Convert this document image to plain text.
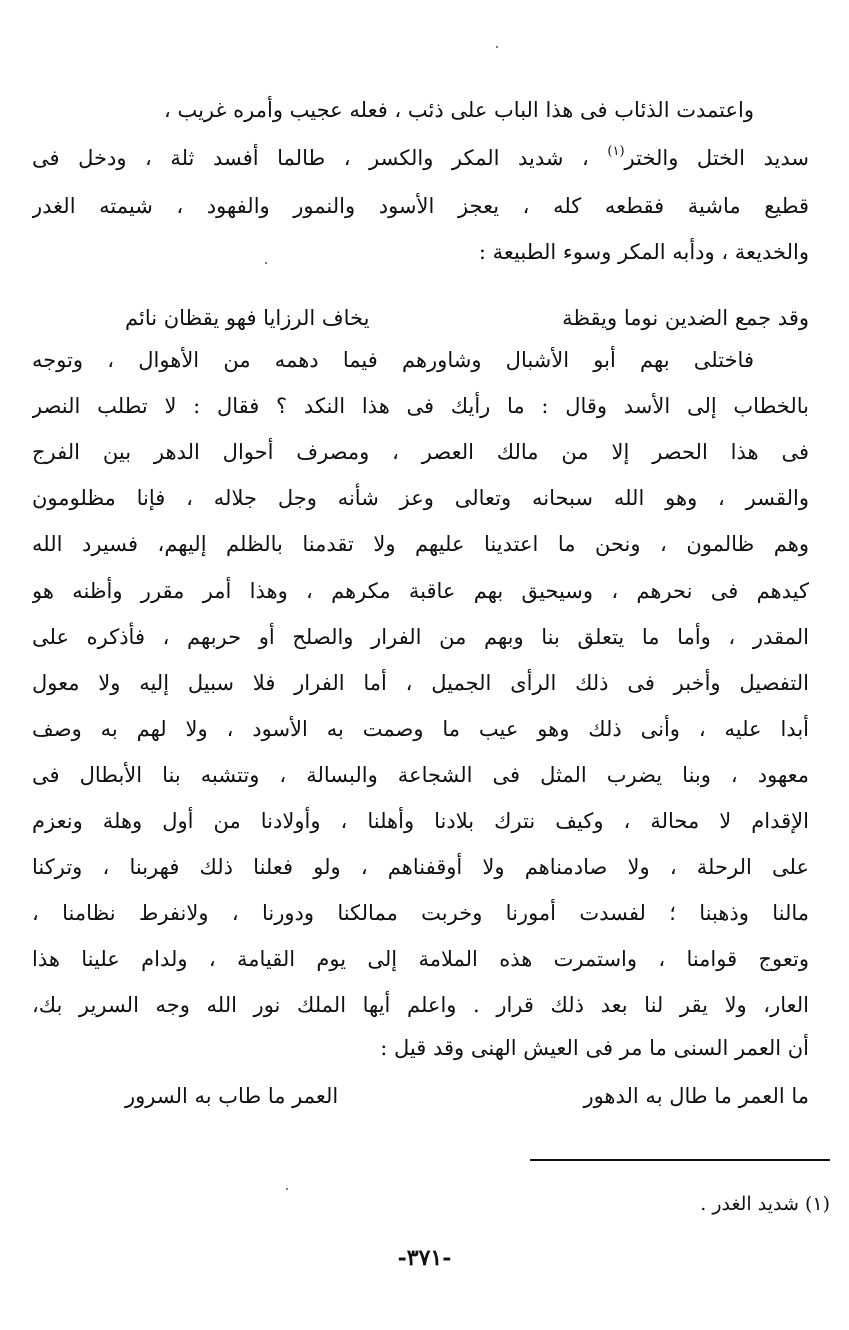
واعتمدت الذئاب فى هذا الباب على ذئب ، فعله عجيب وأمره غريب ،
سديد الختل والختر$^{(١)}$ ، شديد المكر والكسر ، طالما أفسد ثلة ، ودخل فى
قطيع ماشية فقطعه كله ، يعجز الأسود والنمور والفهود ، شيمته الغدر
والخديعة ، ودأبه المكر وسوء الطبيعة :
وقد جمع الضدين نوما ويقظة
يخاف الرزايا فهو يقظان نائم
فاختلى بهم أبو الأشبال وشاورهم فيما دهمه من الأهوال ، وتوجه
بالخطاب إلى الأسد وقال : ما رأيك فى هذا النكد ؟ فقال : لا تطلب النصر
فى هذا الحصر إلا من مالك العصر ، ومصرف أحوال الدهر بين الفرج
والقسر ، وهو الله سبحانه وتعالى وعز شأنه وجل جلاله ، فإنا مظلومون
وهم ظالمون ، ونحن ما اعتدينا عليهم ولا تقدمنا بالظلم إليهم، فسيرد الله
كيدهم فى نحرهم ، وسيحيق بهم عاقبة مكرهم ، وهذا أمر مقرر وأظنه هو
المقدر ، وأما ما يتعلق بنا وبهم من الفرار والصلح أو حربهم ، فأذكره على
التفصيل وأخبر فى ذلك الرأى الجميل ، أما الفرار فلا سبيل إليه ولا معول
أبدا عليه ، وأنى ذلك وهو عيب ما وصمت به الأسود ، ولا لهم به وصف
معهود ، وبنا يضرب المثل فى الشجاعة والبسالة ، وتتشبه بنا الأبطال فى
الإقدام لا محالة ، وكيف نترك بلادنا وأهلنا ، وأولادنا من أول وهلة ونعزم
على الرحلة ، ولا صادمناهم ولا أوقفناهم ، ولو فعلنا ذلك فهربنا ، وتركنا
مالنا وذهبنا ؛ لفسدت أمورنا وخربت ممالكنا ودورنا ، ولانفرط نظامنا ،
وتعوج قوامنا ، واستمرت هذه الملامة إلى يوم القيامة ، ولدام علينا هذا
العار، ولا يقر لنا بعد ذلك قرار . واعلم أيها الملك نور الله وجه السرير بك،
أن العمر السنى ما مر فى العيش الهنى وقد قيل :
ما العمر ما طال به الدهور
العمر ما طاب به السرور
(١) شديد الغدر .
-٣٧١-
